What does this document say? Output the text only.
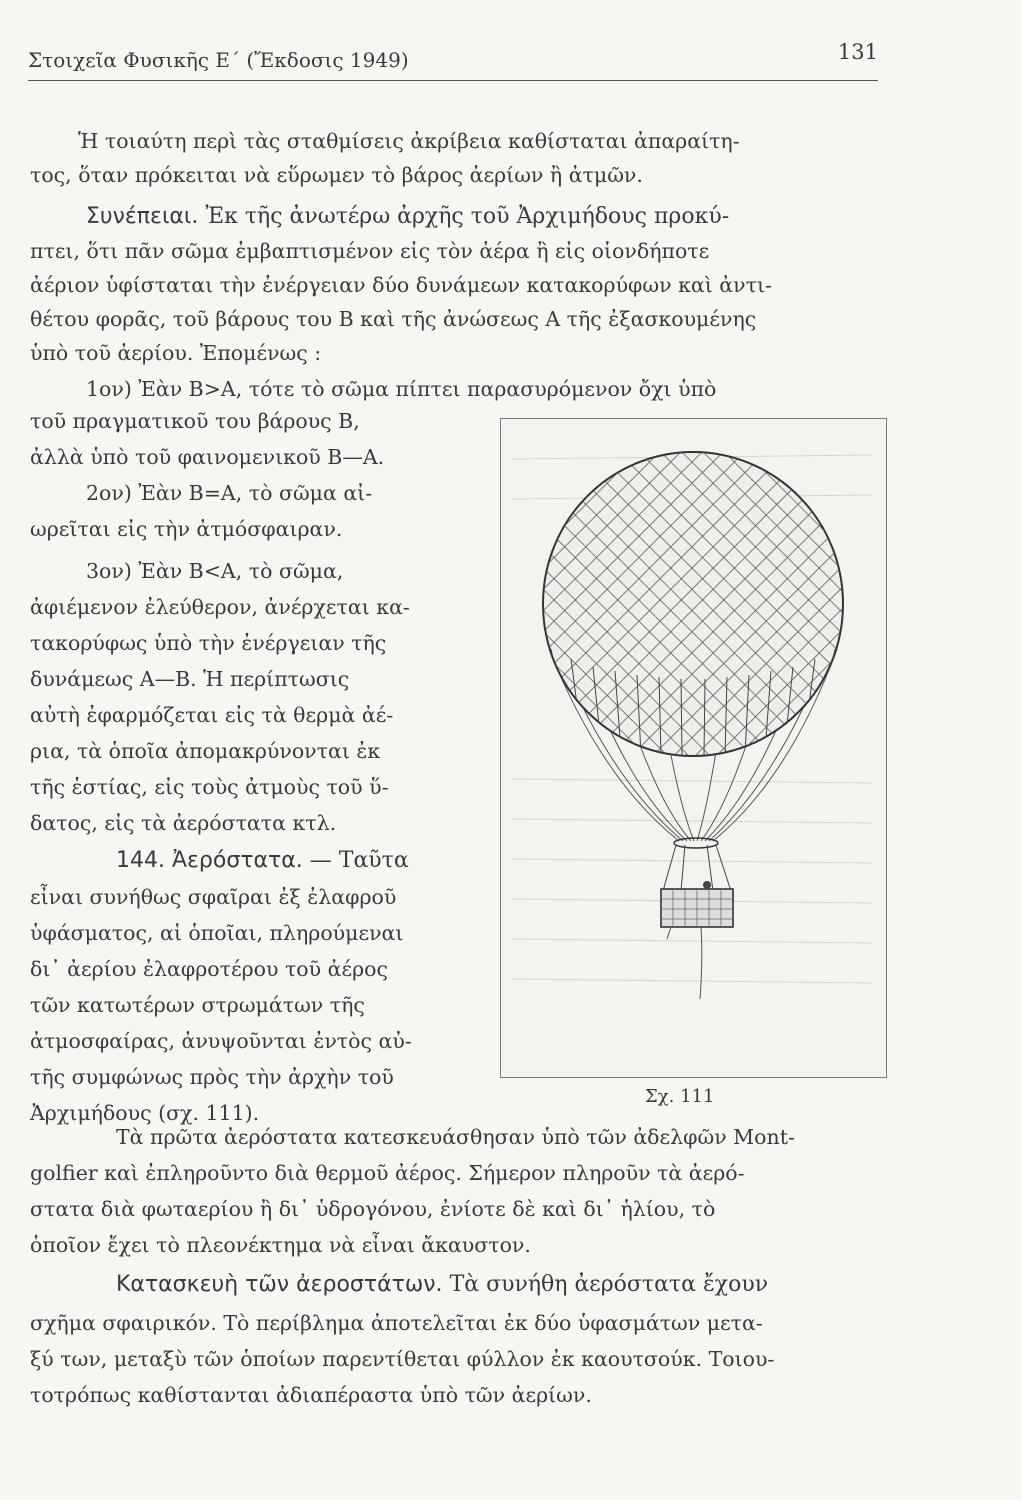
Στοιχεῖα Φυσικῆς Ε΄ (Ἔκδοσις 1949)	131
Ἡ τοιαύτη περὶ τὰς σταθμίσεις ἀκρίβεια καθίσταται ἀπαραίτη-
τος, ὅταν πρόκειται νὰ εὕρωμεν τὸ βάρος ἀερίων ἢ ἀτμῶν.
Συνέπειαι. Ἐκ τῆς ἀνωτέρω ἀρχῆς τοῦ Ἀρχιμήδους προκύ-
πτει, ὅτι πᾶν σῶμα ἐμβαπτισμένον εἰς τὸν ἀέρα ἢ εἰς οἱονδήποτε
ἀέριον ὑφίσταται τὴν ἐνέργειαν δύο δυνάμεων κατακορύφων καὶ ἀντι-
θέτου φορᾶς, τοῦ βάρους του Β καὶ τῆς ἀνώσεως Α τῆς ἐξασκουμένης
ὑπὸ τοῦ ἀερίου. Ἐπομένως :
1ον) Ἐὰν Β>Α, τότε τὸ σῶμα πίπτει παρασυρόμενον ὄχι ὑπὸ
τοῦ πραγματικοῦ του βάρους Β,
ἀλλὰ ὑπὸ τοῦ φαινομενικοῦ Β—Α.
2ον) Ἐὰν Β=Α, τὸ σῶμα αἰ-
ωρεῖται εἰς τὴν ἀτμόσφαιραν.
3ον) Ἐὰν Β<Α, τὸ σῶμα,
ἀφιέμενον ἐλεύθερον, ἀνέρχεται κα-
τακορύφως ὑπὸ τὴν ἐνέργειαν τῆς
δυνάμεως Α—Β. Ἡ περίπτωσις
αὐτὴ ἐφαρμόζεται εἰς τὰ θερμὰ ἀέ-
ρια, τὰ ὁποῖα ἀπομακρύνονται ἐκ
τῆς ἑστίας, εἰς τοὺς ἀτμοὺς τοῦ ὕ-
δατος, εἰς τὰ ἀερόστατα κτλ.
144. Ἀερόστατα. — Ταῦτα
εἶναι συνήθως σφαῖραι ἐξ ἐλαφροῦ
ὑφάσματος, αἱ ὁποῖαι, πληρούμεναι
δι᾿ ἀερίου ἐλαφροτέρου τοῦ ἀέρος
τῶν κατωτέρων στρωμάτων τῆς
ἀτμοσφαίρας, ἀνυψοῦνται ἐντὸς αὐ-
τῆς συμφώνως πρὸς τὴν ἀρχὴν τοῦ
Ἀρχιμήδους (σχ. 111).
Σχ. 111
Τὰ πρῶτα ἀερόστατα κατεσκευάσθησαν ὑπὸ τῶν ἀδελφῶν Mont-
golfier καὶ ἐπληροῦντο διὰ θερμοῦ ἀέρος. Σήμερον πληροῦν τὰ ἀερό-
στατα διὰ φωταερίου ἢ δι᾿ ὑδρογόνου, ἐνίοτε δὲ καὶ δι᾿ ἡλίου, τὸ
ὁποῖον ἔχει τὸ πλεονέκτημα νὰ εἶναι ἄκαυστον.
Κατασκευὴ τῶν ἀεροστάτων. Τὰ συνήθη ἀερόστατα ἔχουν
σχῆμα σφαιρικόν. Τὸ περίβλημα ἀποτελεῖται ἐκ δύο ὑφασμάτων μετα-
ξύ των, μεταξὺ τῶν ὁποίων παρεντίθεται φύλλον ἐκ καουτσούκ. Τοιου-
τοτρόπως καθίστανται ἀδιαπέραστα ὑπὸ τῶν ἀερίων.
